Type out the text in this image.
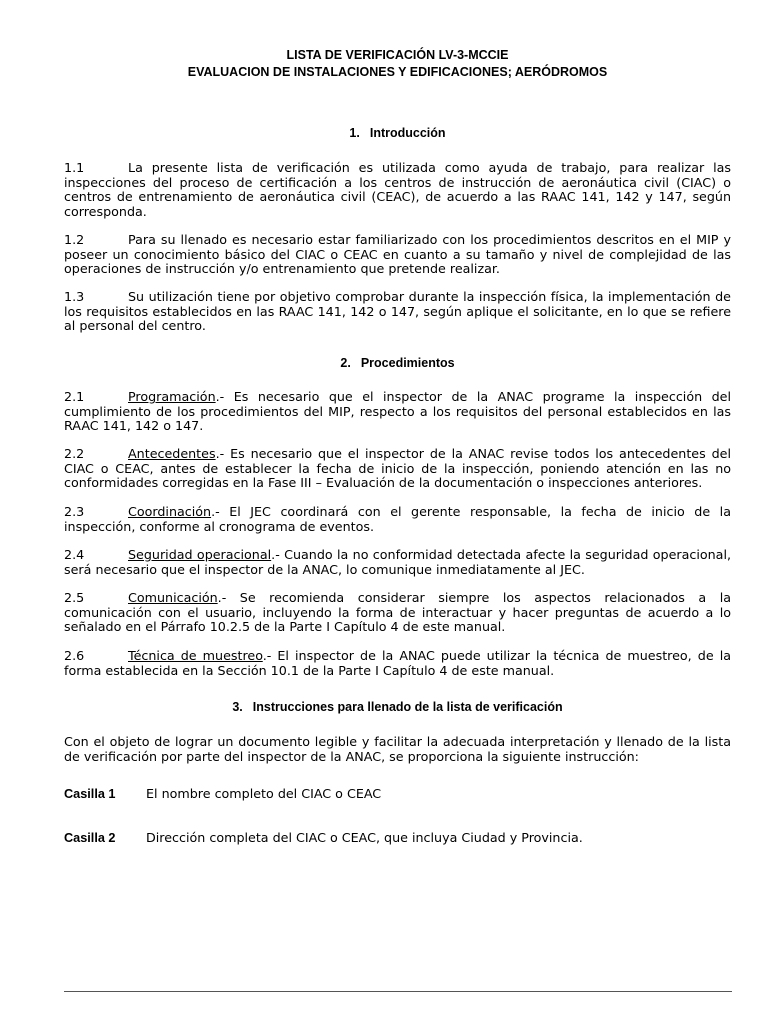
LISTA DE VERIFICACIÓN LV-3-MCCIE
EVALUACION DE INSTALACIONES Y EDIFICACIONES; AERÓDROMOS
1. Introducción

1.1	La presente lista de verificación es utilizada como ayuda de trabajo, para realizar las inspecciones del proceso de certificación a los centros de instrucción de aeronáutica civil (CIAC) o centros de entrenamiento de aeronáutica civil (CEAC), de acuerdo a las RAAC 141, 142 y 147, según corresponda.

1.2	Para su llenado es necesario estar familiarizado con los procedimientos descritos en el MIP y poseer un conocimiento básico del CIAC o CEAC en cuanto a su tamaño y nivel de complejidad de las operaciones de instrucción y/o entrenamiento que pretende realizar.

1.3	Su utilización tiene por objetivo comprobar durante la inspección física, la implementación de los requisitos establecidos en las RAAC 141, 142 o 147, según aplique el solicitante, en lo que se refiere al personal del centro.

2. Procedimientos

2.1	Programación.- Es necesario que el inspector de la ANAC programe la inspección del cumplimiento de los procedimientos del MIP, respecto a los requisitos del personal establecidos en las RAAC 141, 142 o 147.

2.2	Antecedentes.- Es necesario que el inspector de la ANAC revise todos los antecedentes del CIAC o CEAC, antes de establecer la fecha de inicio de la inspección, poniendo atención en las no conformidades corregidas en la Fase III – Evaluación de la documentación o inspecciones anteriores.

2.3	Coordinación.- El JEC coordinará con el gerente responsable, la fecha de inicio de la inspección, conforme al cronograma de eventos.

2.4	Seguridad operacional.- Cuando la no conformidad detectada afecte la seguridad operacional, será necesario que el inspector de la ANAC, lo comunique inmediatamente al JEC.

2.5	Comunicación.- Se recomienda considerar siempre los aspectos relacionados a la comunicación con el usuario, incluyendo la forma de interactuar y hacer preguntas de acuerdo a lo señalado en el Párrafo 10.2.5 de la Parte I Capítulo 4 de este manual.

2.6	Técnica de muestreo.- El inspector de la ANAC puede utilizar la técnica de muestreo, de la forma establecida en la Sección 10.1 de la Parte I Capítulo 4 de este manual.

3. Instrucciones para llenado de la lista de verificación

Con el objeto de lograr un documento legible y facilitar la adecuada interpretación y llenado de la lista de verificación por parte del inspector de la ANAC, se proporciona la siguiente instrucción:

Casilla 1 El nombre completo del CIAC o CEAC
Casilla 2 Dirección completa del CIAC o CEAC, que incluya Ciudad y Provincia.
